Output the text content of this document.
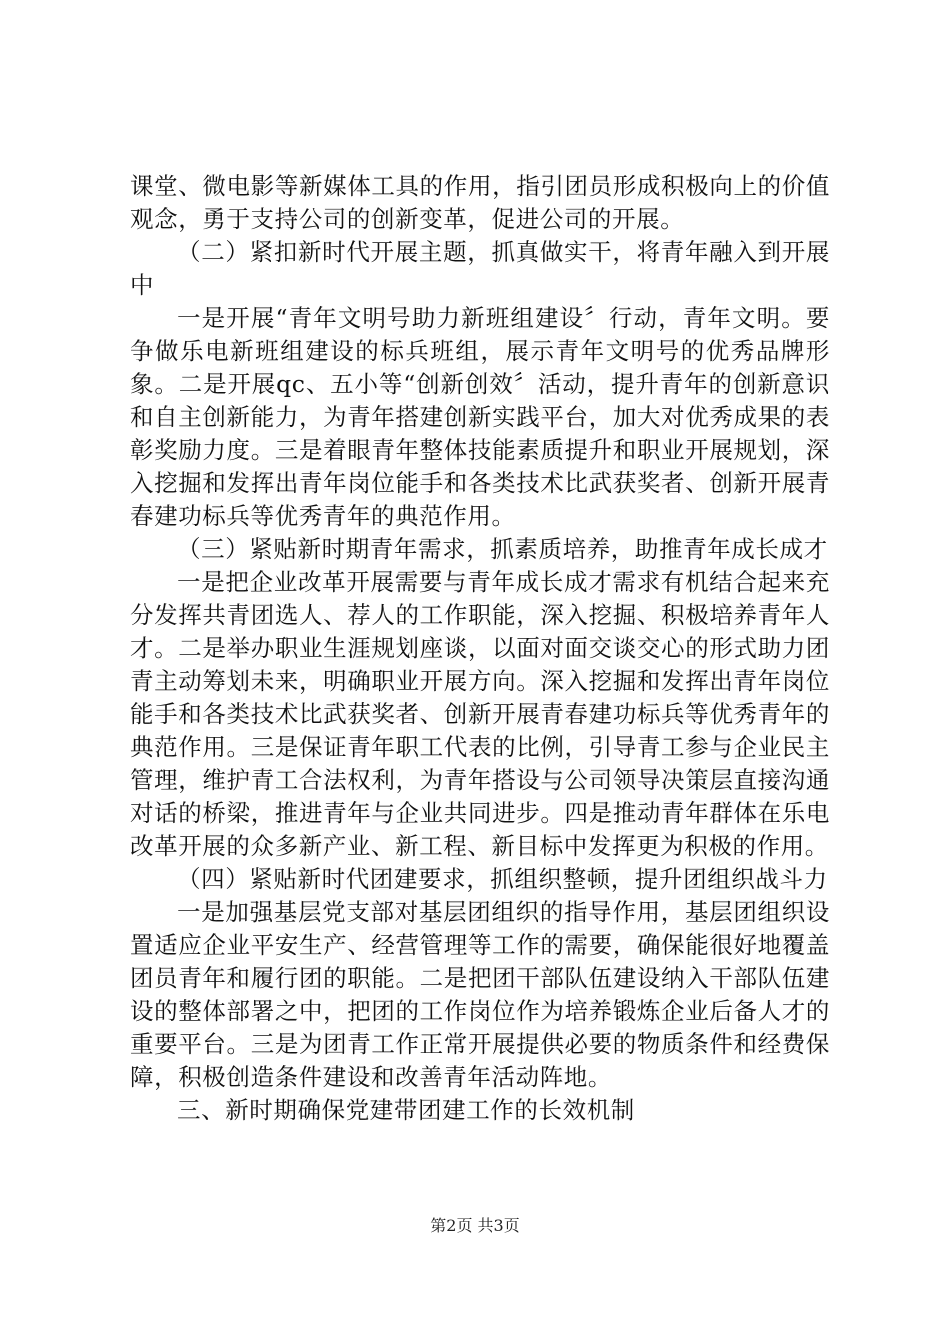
课堂、微电影等新媒体工具的作用，指引团员形成积极向上的价值观念，勇于支持公司的创新变革，促进公司的开展。

（二）紧扣新时代开展主题，抓真做实干，将青年融入到开展中

一是开展“青年文明号助力新班组建设〞行动，青年文明。要争做乐电新班组建设的标兵班组，展示青年文明号的优秀品牌形象。二是开展qc、五小等“创新创效〞活动，提升青年的创新意识和自主创新能力，为青年搭建创新实践平台，加大对优秀成果的表彰奖励力度。三是着眼青年整体技能素质提升和职业开展规划，深入挖掘和发挥出青年岗位能手和各类技术比武获奖者、创新开展青春建功标兵等优秀青年的典范作用。

（三）紧贴新时期青年需求，抓素质培养，助推青年成长成才

一是把企业改革开展需要与青年成长成才需求有机结合起来充分发挥共青团选人、荐人的工作职能，深入挖掘、积极培养青年人才。二是举办职业生涯规划座谈，以面对面交谈交心的形式助力团青主动筹划未来，明确职业开展方向。深入挖掘和发挥出青年岗位能手和各类技术比武获奖者、创新开展青春建功标兵等优秀青年的典范作用。三是保证青年职工代表的比例，引导青工参与企业民主管理，维护青工合法权利，为青年搭设与公司领导决策层直接沟通对话的桥梁，推进青年与企业共同进步。四是推动青年群体在乐电改革开展的众多新产业、新工程、新目标中发挥更为积极的作用。

（四）紧贴新时代团建要求，抓组织整顿，提升团组织战斗力

一是加强基层党支部对基层团组织的指导作用，基层团组织设置适应企业平安生产、经营管理等工作的需要，确保能很好地覆盖团员青年和履行团的职能。二是把团干部队伍建设纳入干部队伍建设的整体部署之中，把团的工作岗位作为培养锻炼企业后备人才的重要平台。三是为团青工作正常开展提供必要的物质条件和经费保障，积极创造条件建设和改善青年活动阵地。

三、新时期确保党建带团建工作的长效机制

第2页 共3页
